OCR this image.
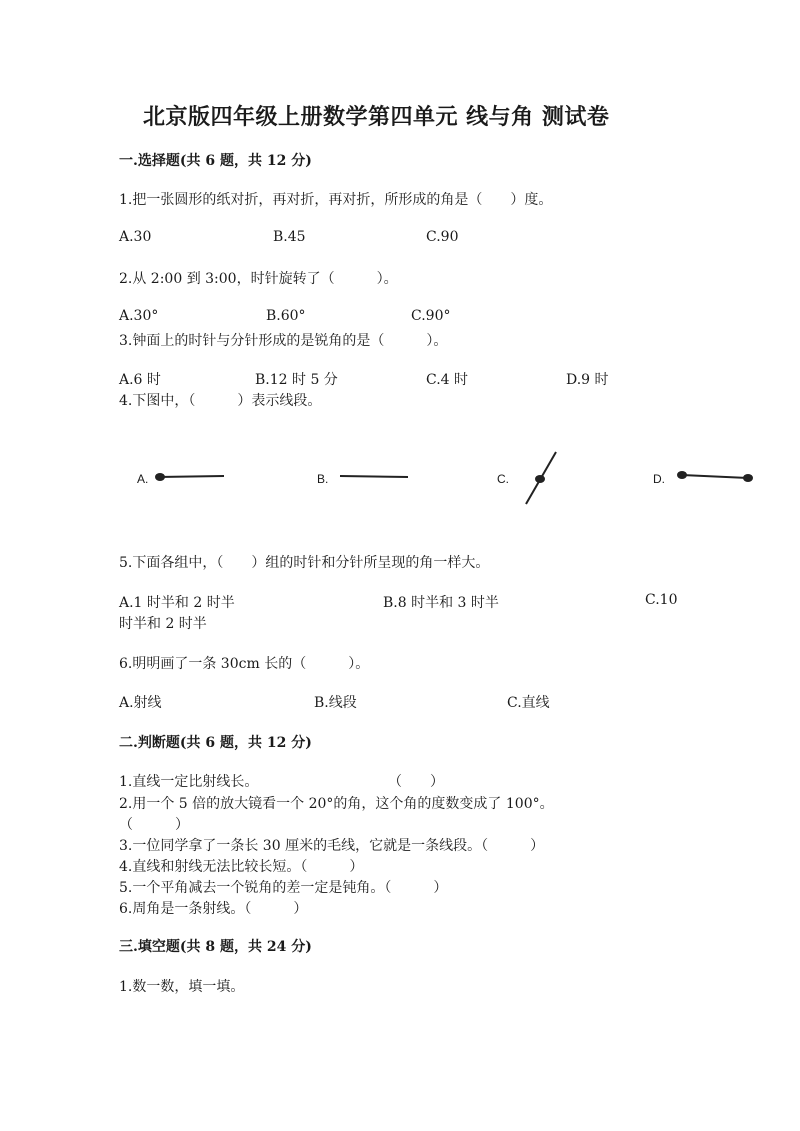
北京版四年级上册数学第四单元 线与角 测试卷
一.选择题(共 6 题，共 12 分)
1.把一张圆形的纸对折，再对折，再对折，所形成的角是（　　）度。
A.30	B.45	C.90
2.从 2:00 到 3:00，时针旋转了（　　　）。
A.30°	B.60°	C.90°
3.钟面上的时针与分针形成的是锐角的是（　　　）。
A.6 时	B.12 时 5 分	C.4 时	D.9 时
4.下图中，（　　　）表示线段。
A.	B.	C.	D.
5.下面各组中，（　　）组的时针和分针所呈现的角一样大。
A.1 时半和 2 时半	B.8 时半和 3 时半	C.10
时半和 2 时半
6.明明画了一条 30cm 长的（　　　）。
A.射线	B.线段	C.直线
二.判断题(共 6 题，共 12 分)
1.直线一定比射线长。	（　　）
2.用一个 5 倍的放大镜看一个 20°的角，这个角的度数变成了 100°。
（　　　）
3.一位同学拿了一条长 30 厘米的毛线，它就是一条线段。（　　　）
4.直线和射线无法比较长短。（　　　）
5.一个平角减去一个锐角的差一定是钝角。（　　　）
6.周角是一条射线。（　　　）
三.填空题(共 8 题，共 24 分)
1.数一数，填一填。
